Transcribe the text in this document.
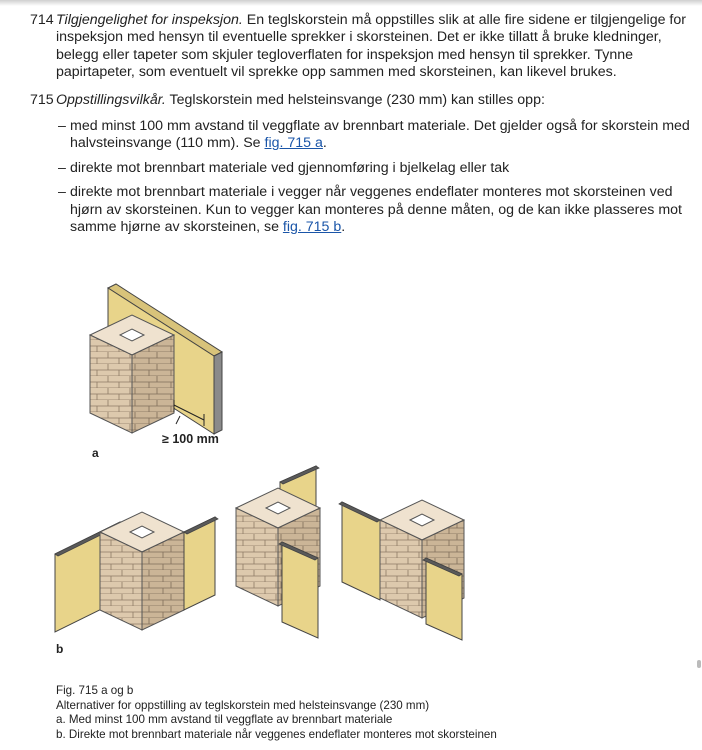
714 Tilgjengelighet for inspeksjon. En teglskorstein må oppstilles slik at alle fire sidene er tilgjengelige for inspeksjon med hensyn til eventuelle sprekker i skorsteinen. Det er ikke tillatt å bruke kledninger, belegg eller tapeter som skjuler tegloverflaten for inspeksjon med hensyn til sprekker. Tynne papirtapeter, som eventuelt vil sprekke opp sammen med skorsteinen, kan likevel brukes.
715 Oppstillingsvilkår. Teglskorstein med helsteinsvange (230 mm) kan stilles opp:
– med minst 100 mm avstand til veggflate av brennbart materiale. Det gjelder også for skorstein med halvsteinsvange (110 mm). Se fig. 715 a.
– direkte mot brennbart materiale ved gjennomføring i bjelkelag eller tak
– direkte mot brennbart materiale i vegger når veggenes endeflater monteres mot skorsteinen ved hjørn av skorsteinen. Kun to vegger kan monteres på denne måten, og de kan ikke plasseres mot samme hjørne av skorsteinen, se fig. 715 b.
≥ 100 mm
a
b
Fig. 715 a og b
Alternativer for oppstilling av teglskorstein med helsteinsvange (230 mm)
a. Med minst 100 mm avstand til veggflate av brennbart materiale
b. Direkte mot brennbart materiale når veggenes endeflater monteres mot skorsteinen
